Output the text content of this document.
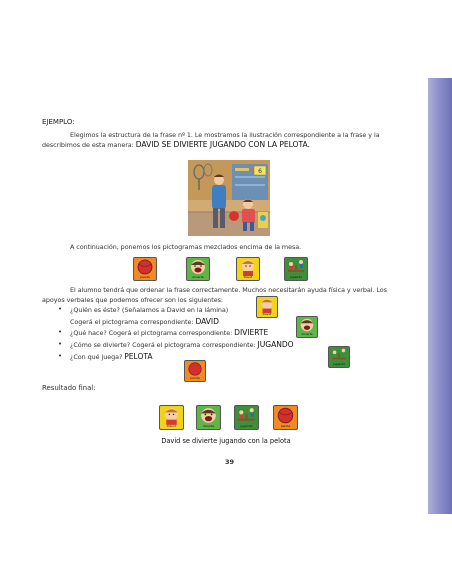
EJEMPLO:
Elegimos la estructura de la frase nº 1. Le mostramos la ilustración correspondiente a la frase y la
describimos de esta manera: DAVID SE DIVIERTE JUGANDO CON LA PELOTA.
6
A continuación, ponemos los pictogramas mezclados encima de la mesa.
pelota	divierte	David	jugando
El alumno tendrá que ordenar la frase correctamente. Muchos necesitarán ayuda física y verbal. Los
apoyos verbales que podemos ofrecer son los siguientes:
• ¿Quién es éste? (Señalamos a David en la lámina)	David
Cogerá el pictograma correspondiente: DAVID
• ¿Qué hace? Cogerá el pictograma correspondiente: DIVIERTE	divierte
• ¿Cómo se divierte? Cogerá el pictograma correspondiente: JUGANDO
jugando
• ¿Con qué juega? PELOTA
pelota
Resultado final:
David	divierte	jugando	pelota
David se divierte jugando con la pelota
39
